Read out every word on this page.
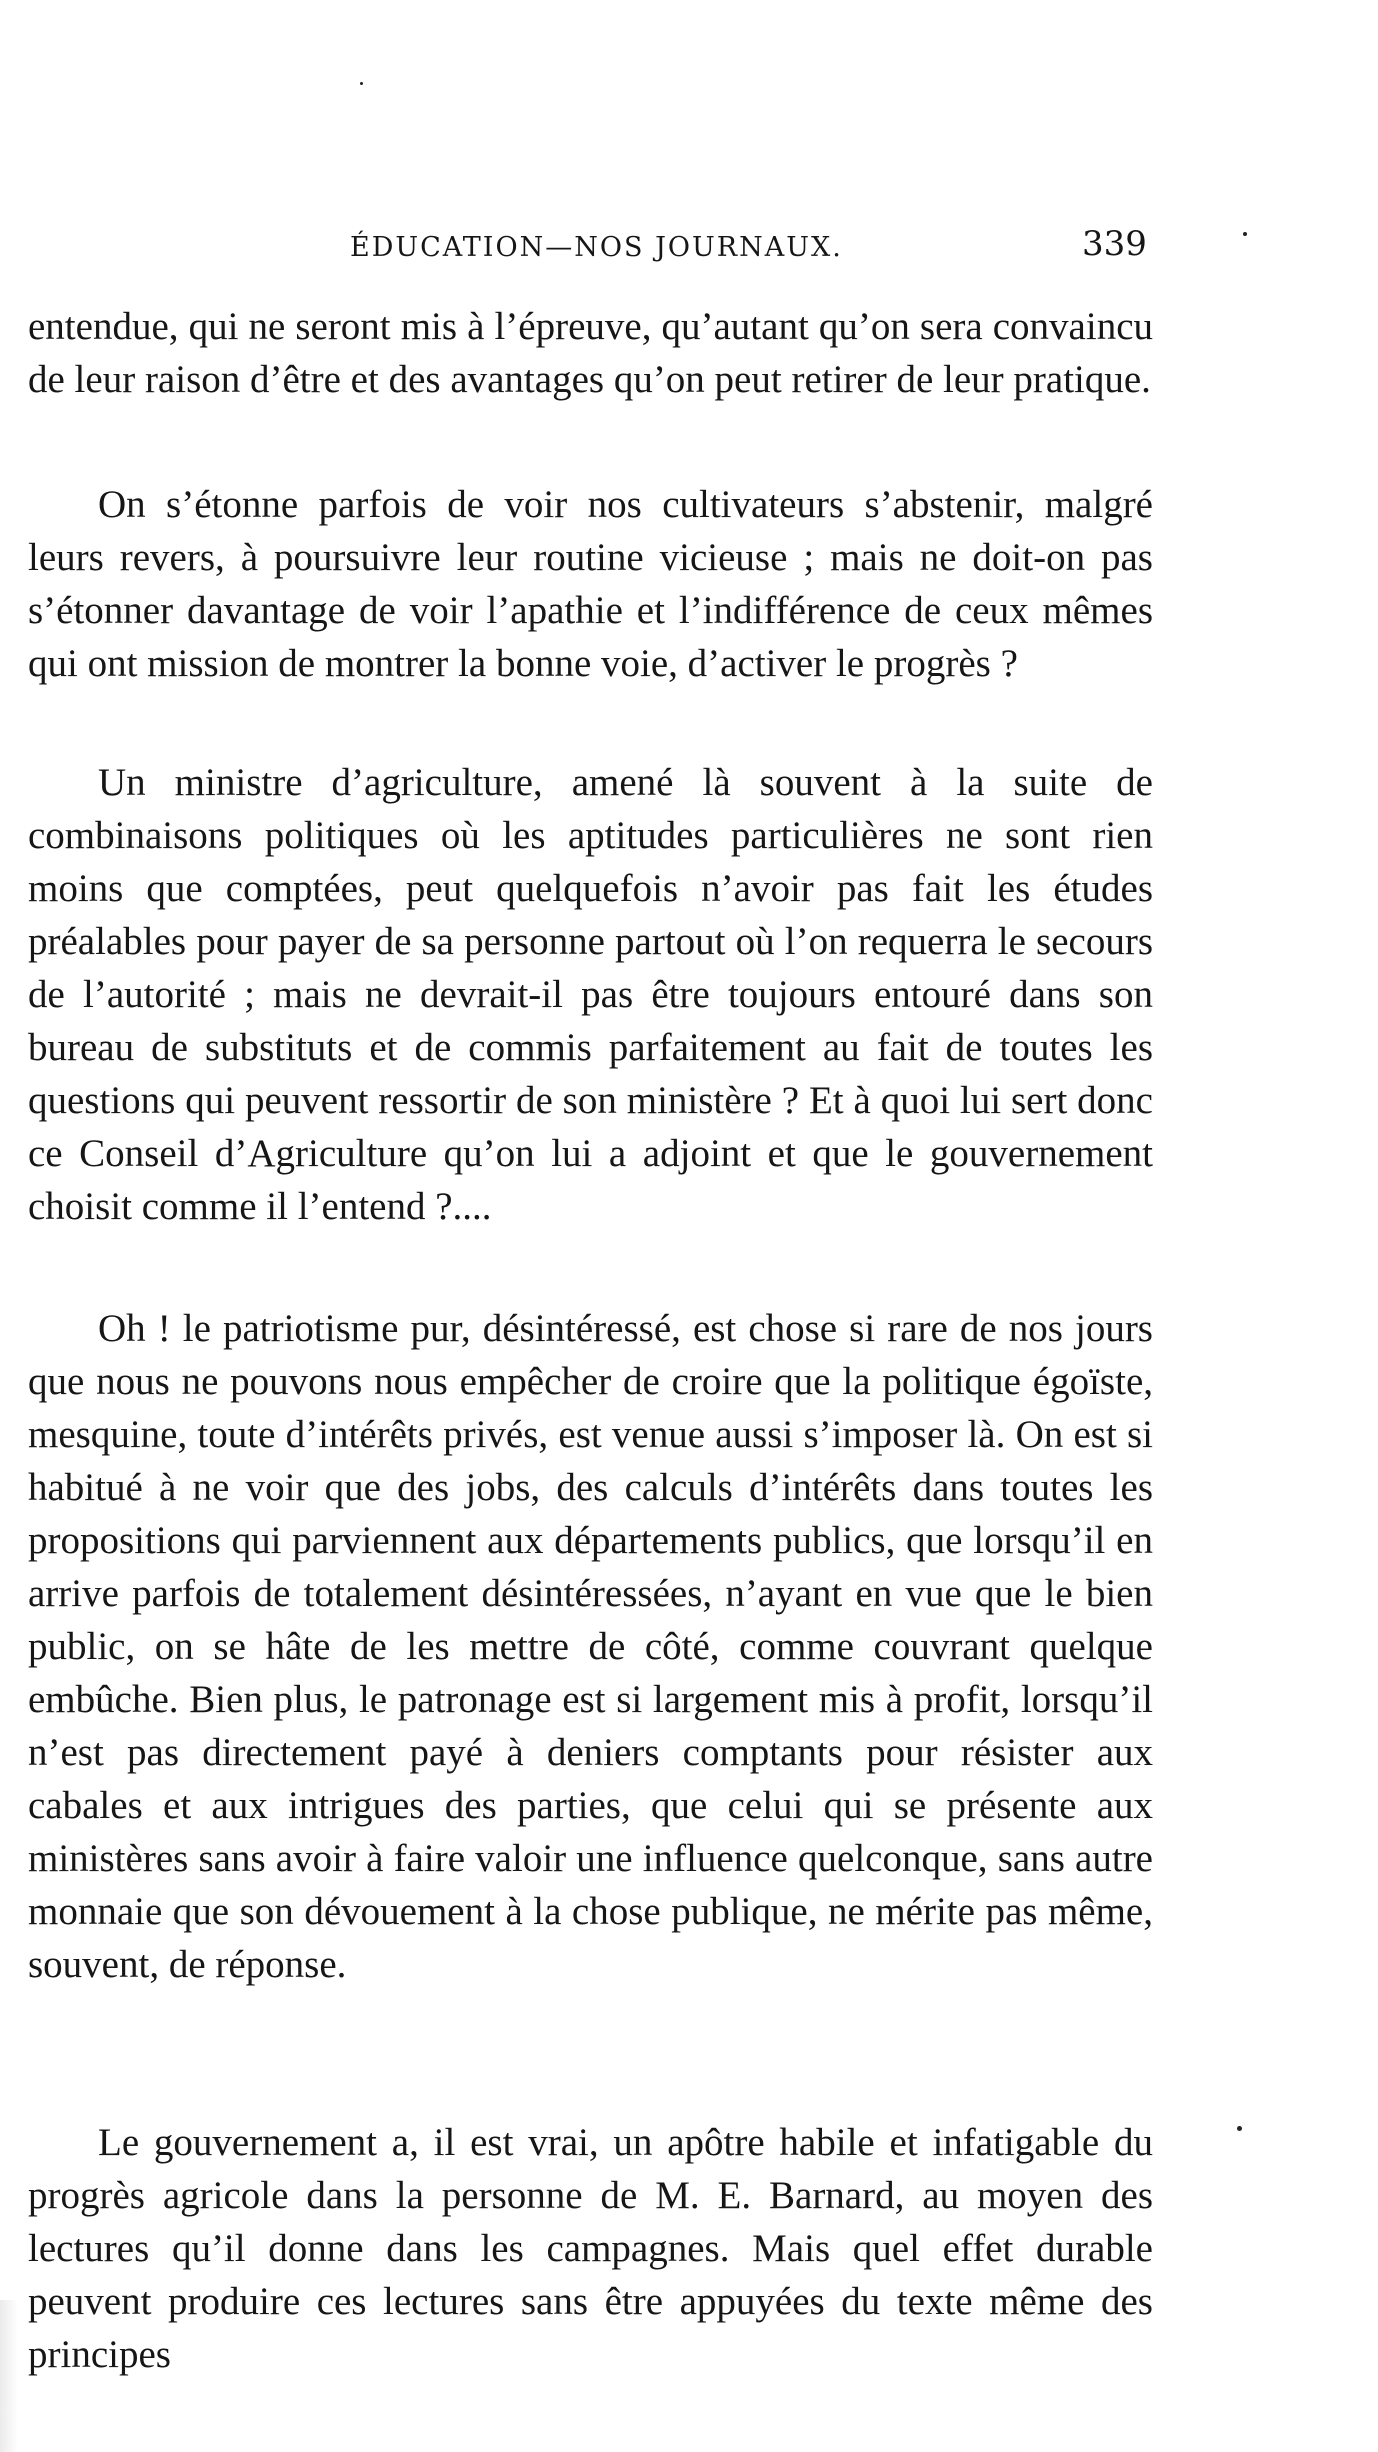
ÉDUCATION—NOS JOURNAUX.	339

entendue, qui ne seront mis à l’épreuve, qu’autant qu’on sera convaincu de leur raison d’être et des avantages qu’on peut retirer de leur pratique.

On s’étonne parfois de voir nos cultivateurs s’abstenir, malgré leurs revers, à poursuivre leur routine vicieuse ; mais ne doit-on pas s’étonner davantage de voir l’apathie et l’indifférence de ceux mêmes qui ont mission de montrer la bonne voie, d’activer le progrès ?

Un ministre d’agriculture, amené là souvent à la suite de combinaisons politiques où les aptitudes particulières ne sont rien moins que comptées, peut quelquefois n’avoir pas fait les études préalables pour payer de sa personne partout où l’on requerra le secours de l’autorité ; mais ne devrait-il pas être toujours entouré dans son bureau de substituts et de commis parfaitement au fait de toutes les questions qui peuvent ressortir de son ministère ? Et à quoi lui sert donc ce Conseil d’Agriculture qu’on lui a adjoint et que le gouvernement choisit comme il l’entend ?....

Oh ! le patriotisme pur, désintéressé, est chose si rare de nos jours que nous ne pouvons nous empêcher de croire que la politique égoïste, mesquine, toute d’intérêts privés, est venue aussi s’imposer là. On est si habitué à ne voir que des jobs, des calculs d’intérêts dans toutes les propositions qui parviennent aux départements publics, que lorsqu’il en arrive parfois de totalement désintéressées, n’ayant en vue que le bien public, on se hâte de les mettre de côté, comme couvrant quelque embûche. Bien plus, le patronage est si largement mis à profit, lorsqu’il n’est pas directement payé à deniers comptants pour résister aux cabales et aux intrigues des parties, que celui qui se présente aux ministères sans avoir à faire valoir une influence quelconque, sans autre monnaie que son dévouement à la chose publique, ne mérite pas même, souvent, de réponse.

Le gouvernement a, il est vrai, un apôtre habile et infatigable du progrès agricole dans la personne de M. E. Barnard, au moyen des lectures qu’il donne dans les campagnes. Mais quel effet durable peuvent produire ces lectures sans être appuyées du texte même des principes
